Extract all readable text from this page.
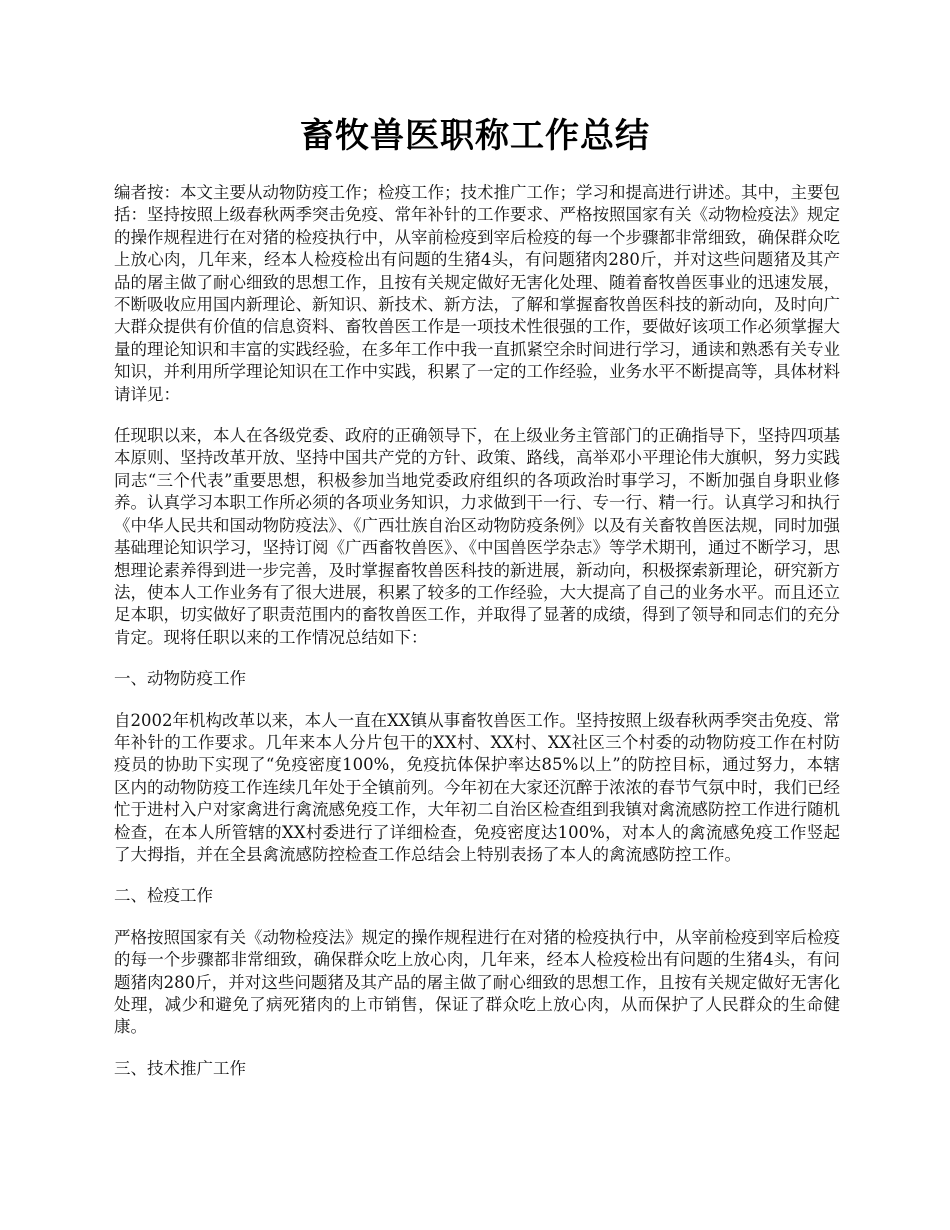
畜牧兽医职称工作总结

编者按：本文主要从动物防疫工作；检疫工作；技术推广工作；学习和提高进行讲述。其中，主要包括：坚持按照上级春秋两季突击免疫、常年补针的工作要求、严格按照国家有关《动物检疫法》规定的操作规程进行在对猪的检疫执行中，从宰前检疫到宰后检疫的每一个步骤都非常细致，确保群众吃上放心肉，几年来，经本人检疫检出有问题的生猪4头，有问题猪肉280斤，并对这些问题猪及其产品的屠主做了耐心细致的思想工作，且按有关规定做好无害化处理、随着畜牧兽医事业的迅速发展，不断吸收应用国内新理论、新知识、新技术、新方法，了解和掌握畜牧兽医科技的新动向，及时向广大群众提供有价值的信息资料、畜牧兽医工作是一项技术性很强的工作，要做好该项工作必须掌握大量的理论知识和丰富的实践经验，在多年工作中我一直抓紧空余时间进行学习，通读和熟悉有关专业知识，并利用所学理论知识在工作中实践，积累了一定的工作经验，业务水平不断提高等，具体材料请详见：

任现职以来，本人在各级党委、政府的正确领导下，在上级业务主管部门的正确指导下，坚持四项基本原则、坚持改革开放、坚持中国共产党的方针、政策、路线，高举邓小平理论伟大旗帜，努力实践同志“三个代表”重要思想，积极参加当地党委政府组织的各项政治时事学习，不断加强自身职业修养。认真学习本职工作所必须的各项业务知识，力求做到干一行、专一行、精一行。认真学习和执行《中华人民共和国动物防疫法》、《广西壮族自治区动物防疫条例》以及有关畜牧兽医法规，同时加强基础理论知识学习，坚持订阅《广西畜牧兽医》、《中国兽医学杂志》等学术期刊，通过不断学习，思想理论素养得到进一步完善，及时掌握畜牧兽医科技的新进展，新动向，积极探索新理论，研究新方法，使本人工作业务有了很大进展，积累了较多的工作经验，大大提高了自己的业务水平。而且还立足本职，切实做好了职责范围内的畜牧兽医工作，并取得了显著的成绩，得到了领导和同志们的充分肯定。现将任职以来的工作情况总结如下：

一、动物防疫工作

自2002年机构改革以来，本人一直在XX镇从事畜牧兽医工作。坚持按照上级春秋两季突击免疫、常年补针的工作要求。几年来本人分片包干的XX村、XX村、XX社区三个村委的动物防疫工作在村防疫员的协助下实现了“免疫密度100%，免疫抗体保护率达85%以上”的防控目标，通过努力，本辖区内的动物防疫工作连续几年处于全镇前列。今年初在大家还沉醉于浓浓的春节气氛中时，我们已经忙于进村入户对家禽进行禽流感免疫工作，大年初二自治区检查组到我镇对禽流感防控工作进行随机检查，在本人所管辖的XX村委进行了详细检查，免疫密度达100%，对本人的禽流感免疫工作竖起了大拇指，并在全县禽流感防控检查工作总结会上特别表扬了本人的禽流感防控工作。

二、检疫工作

严格按照国家有关《动物检疫法》规定的操作规程进行在对猪的检疫执行中，从宰前检疫到宰后检疫的每一个步骤都非常细致，确保群众吃上放心肉，几年来，经本人检疫检出有问题的生猪4头，有问题猪肉280斤，并对这些问题猪及其产品的屠主做了耐心细致的思想工作，且按有关规定做好无害化处理，减少和避免了病死猪肉的上市销售，保证了群众吃上放心肉，从而保护了人民群众的生命健康。

三、技术推广工作
